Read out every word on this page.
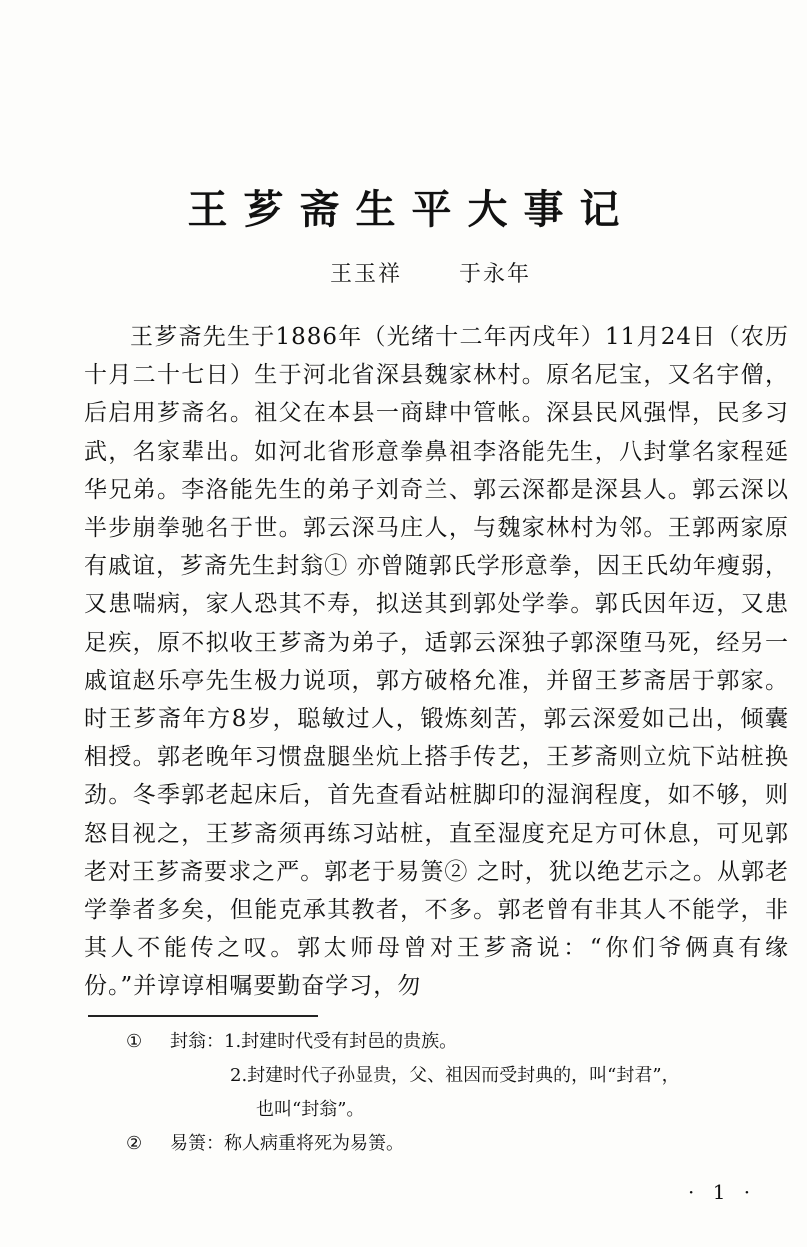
王芗斋生平大事记
王玉祥	于永年

王芗斋先生于1886年（光绪十二年丙戌年）11月24日（农历十月二十七日）生于河北省深县魏家林村。原名尼宝，又名宇僧，后启用芗斋名。祖父在本县一商肆中管帐。深县民风强悍，民多习武，名家辈出。如河北省形意拳鼻祖李洛能先生，八封掌名家程延华兄弟。李洛能先生的弟子刘奇兰、郭云深都是深县人。郭云深以半步崩拳驰名于世。郭云深马庄人，与魏家林村为邻。王郭两家原有戚谊，芗斋先生封翁① 亦曾随郭氏学形意拳，因王氏幼年瘦弱，又患喘病，家人恐其不寿，拟送其到郭处学拳。郭氏因年迈，又患足疾，原不拟收王芗斋为弟子，适郭云深独子郭深堕马死，经另一戚谊赵乐亭先生极力说项，郭方破格允准，并留王芗斋居于郭家。时王芗斋年方8岁，聪敏过人，锻炼刻苦，郭云深爱如己出，倾囊相授。郭老晚年习惯盘腿坐炕上搭手传艺，王芗斋则立炕下站桩换劲。冬季郭老起床后，首先查看站桩脚印的湿润程度，如不够，则怒目视之，王芗斋须再练习站桩，直至湿度充足方可休息，可见郭老对王芗斋要求之严。郭老于易箦② 之时，犹以绝艺示之。从郭老学拳者多矣，但能克承其教者，不多。郭老曾有非其人不能学，非其人不能传之叹。郭太师母曾对王芗斋说：“你们爷俩真有缘份。”并谆谆相嘱要勤奋学习，勿

① 封翁：1.封建时代受有封邑的贵族。
2.封建时代子孙显贵，父、祖因而受封典的，叫“封君”，
也叫“封翁”。
② 易箦：称人病重将死为易箦。
· 1 ·
